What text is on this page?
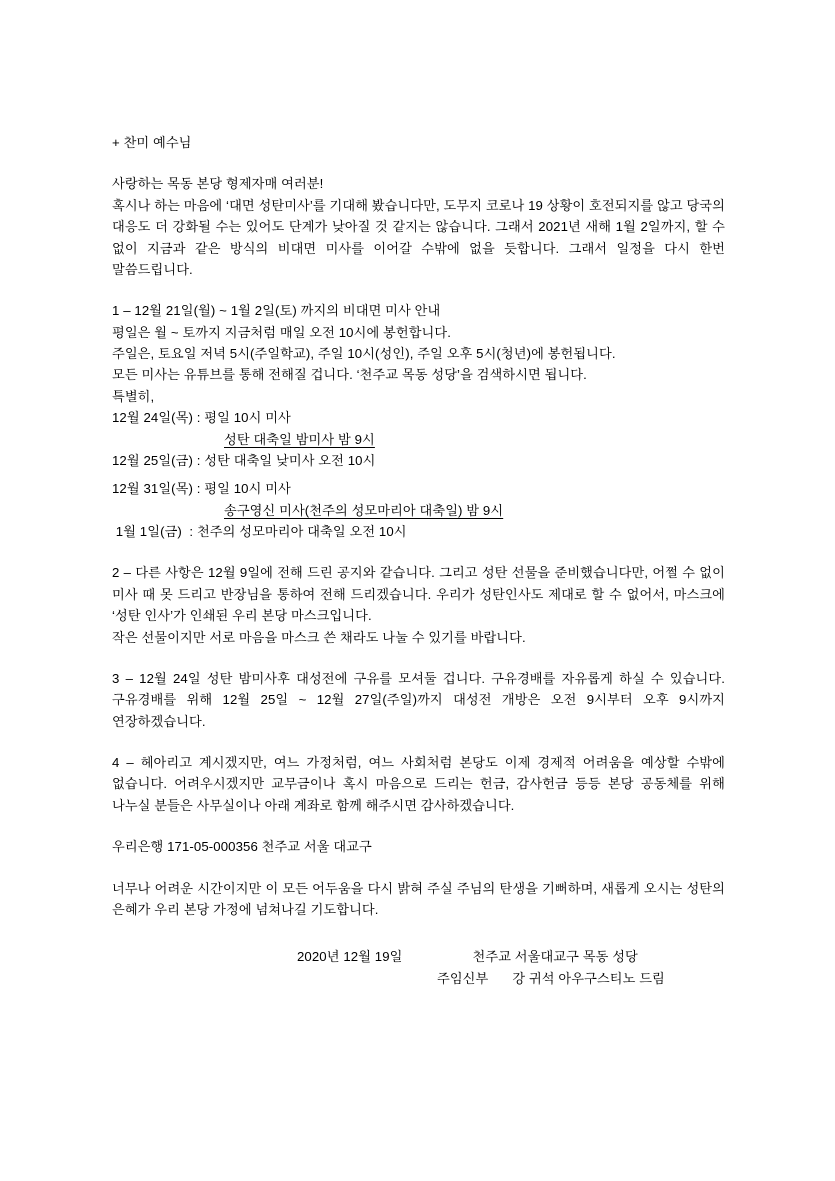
+ 찬미 예수님

사랑하는 목동 본당 형제자매 여러분!

혹시나 하는 마음에 ‘대면 성탄미사’를 기대해 봤습니다만, 도무지 코로나 19 상황이 호전되지를 않고 당국의 대응도 더 강화될 수는 있어도 단계가 낮아질 것 같지는 않습니다. 그래서 2021년 새해 1월 2일까지, 할 수 없이 지금과 같은 방식의 비대면 미사를 이어갈 수밖에 없을 듯합니다. 그래서 일정을 다시 한번 말씀드립니다.

1 – 12월 21일(월) ~ 1월 2일(토) 까지의 비대면 미사 안내

평일은 월 ~ 토까지 지금처럼 매일 오전 10시에 봉헌합니다.

주일은, 토요일 저녁 5시(주일학교), 주일 10시(성인), 주일 오후 5시(청년)에 봉헌됩니다.

모든 미사는 유튜브를 통해 전해질 겁니다. ‘천주교 목동 성당’을 검색하시면 됩니다.

특별히,

12월 24일(목) : 평일 10시 미사

성탄 대축일 밤미사 밤 9시

12월 25일(금) : 성탄 대축일 낮미사 오전 10시

12월 31일(목) : 평일 10시 미사

송구영신 미사(천주의 성모마리아 대축일) 밤 9시

1월 1일(금)  : 천주의 성모마리아 대축일 오전 10시

2 – 다른 사항은 12월 9일에 전해 드린 공지와 같습니다. 그리고 성탄 선물을 준비했습니다만, 어쩔 수 없이 미사 때 못 드리고 반장님을 통하여 전해 드리겠습니다. 우리가 성탄인사도 제대로 할 수 없어서, 마스크에 ‘성탄 인사’가 인쇄된 우리 본당 마스크입니다.

작은 선물이지만 서로 마음을 마스크 쓴 채라도 나눌 수 있기를 바랍니다.

3 – 12월 24일 성탄 밤미사후 대성전에 구유를 모셔둘 겁니다. 구유경배를 자유롭게 하실 수 있습니다. 구유경배를 위해 12월 25일 ~ 12월 27일(주일)까지 대성전 개방은 오전 9시부터 오후 9시까지 연장하겠습니다.

4 – 헤아리고 계시겠지만, 여느 가정처럼, 여느 사회처럼 본당도 이제 경제적 어려움을 예상할 수밖에 없습니다. 어려우시겠지만 교무금이나 혹시 마음으로 드리는 헌금, 감사헌금 등등 본당 공동체를 위해 나누실 분들은 사무실이나 아래 계좌로 함께 해주시면 감사하겠습니다.

우리은행 171-05-000356 천주교 서울 대교구

너무나 어려운 시간이지만 이 모든 어두움을 다시 밝혀 주실 주님의 탄생을 기뻐하며, 새롭게 오시는 성탄의 은혜가 우리 본당 가정에 넘쳐나길 기도합니다.

2020년 12월 19일	천주교 서울대교구 목동 성당

주임신부 강 귀석 아우구스티노 드림
